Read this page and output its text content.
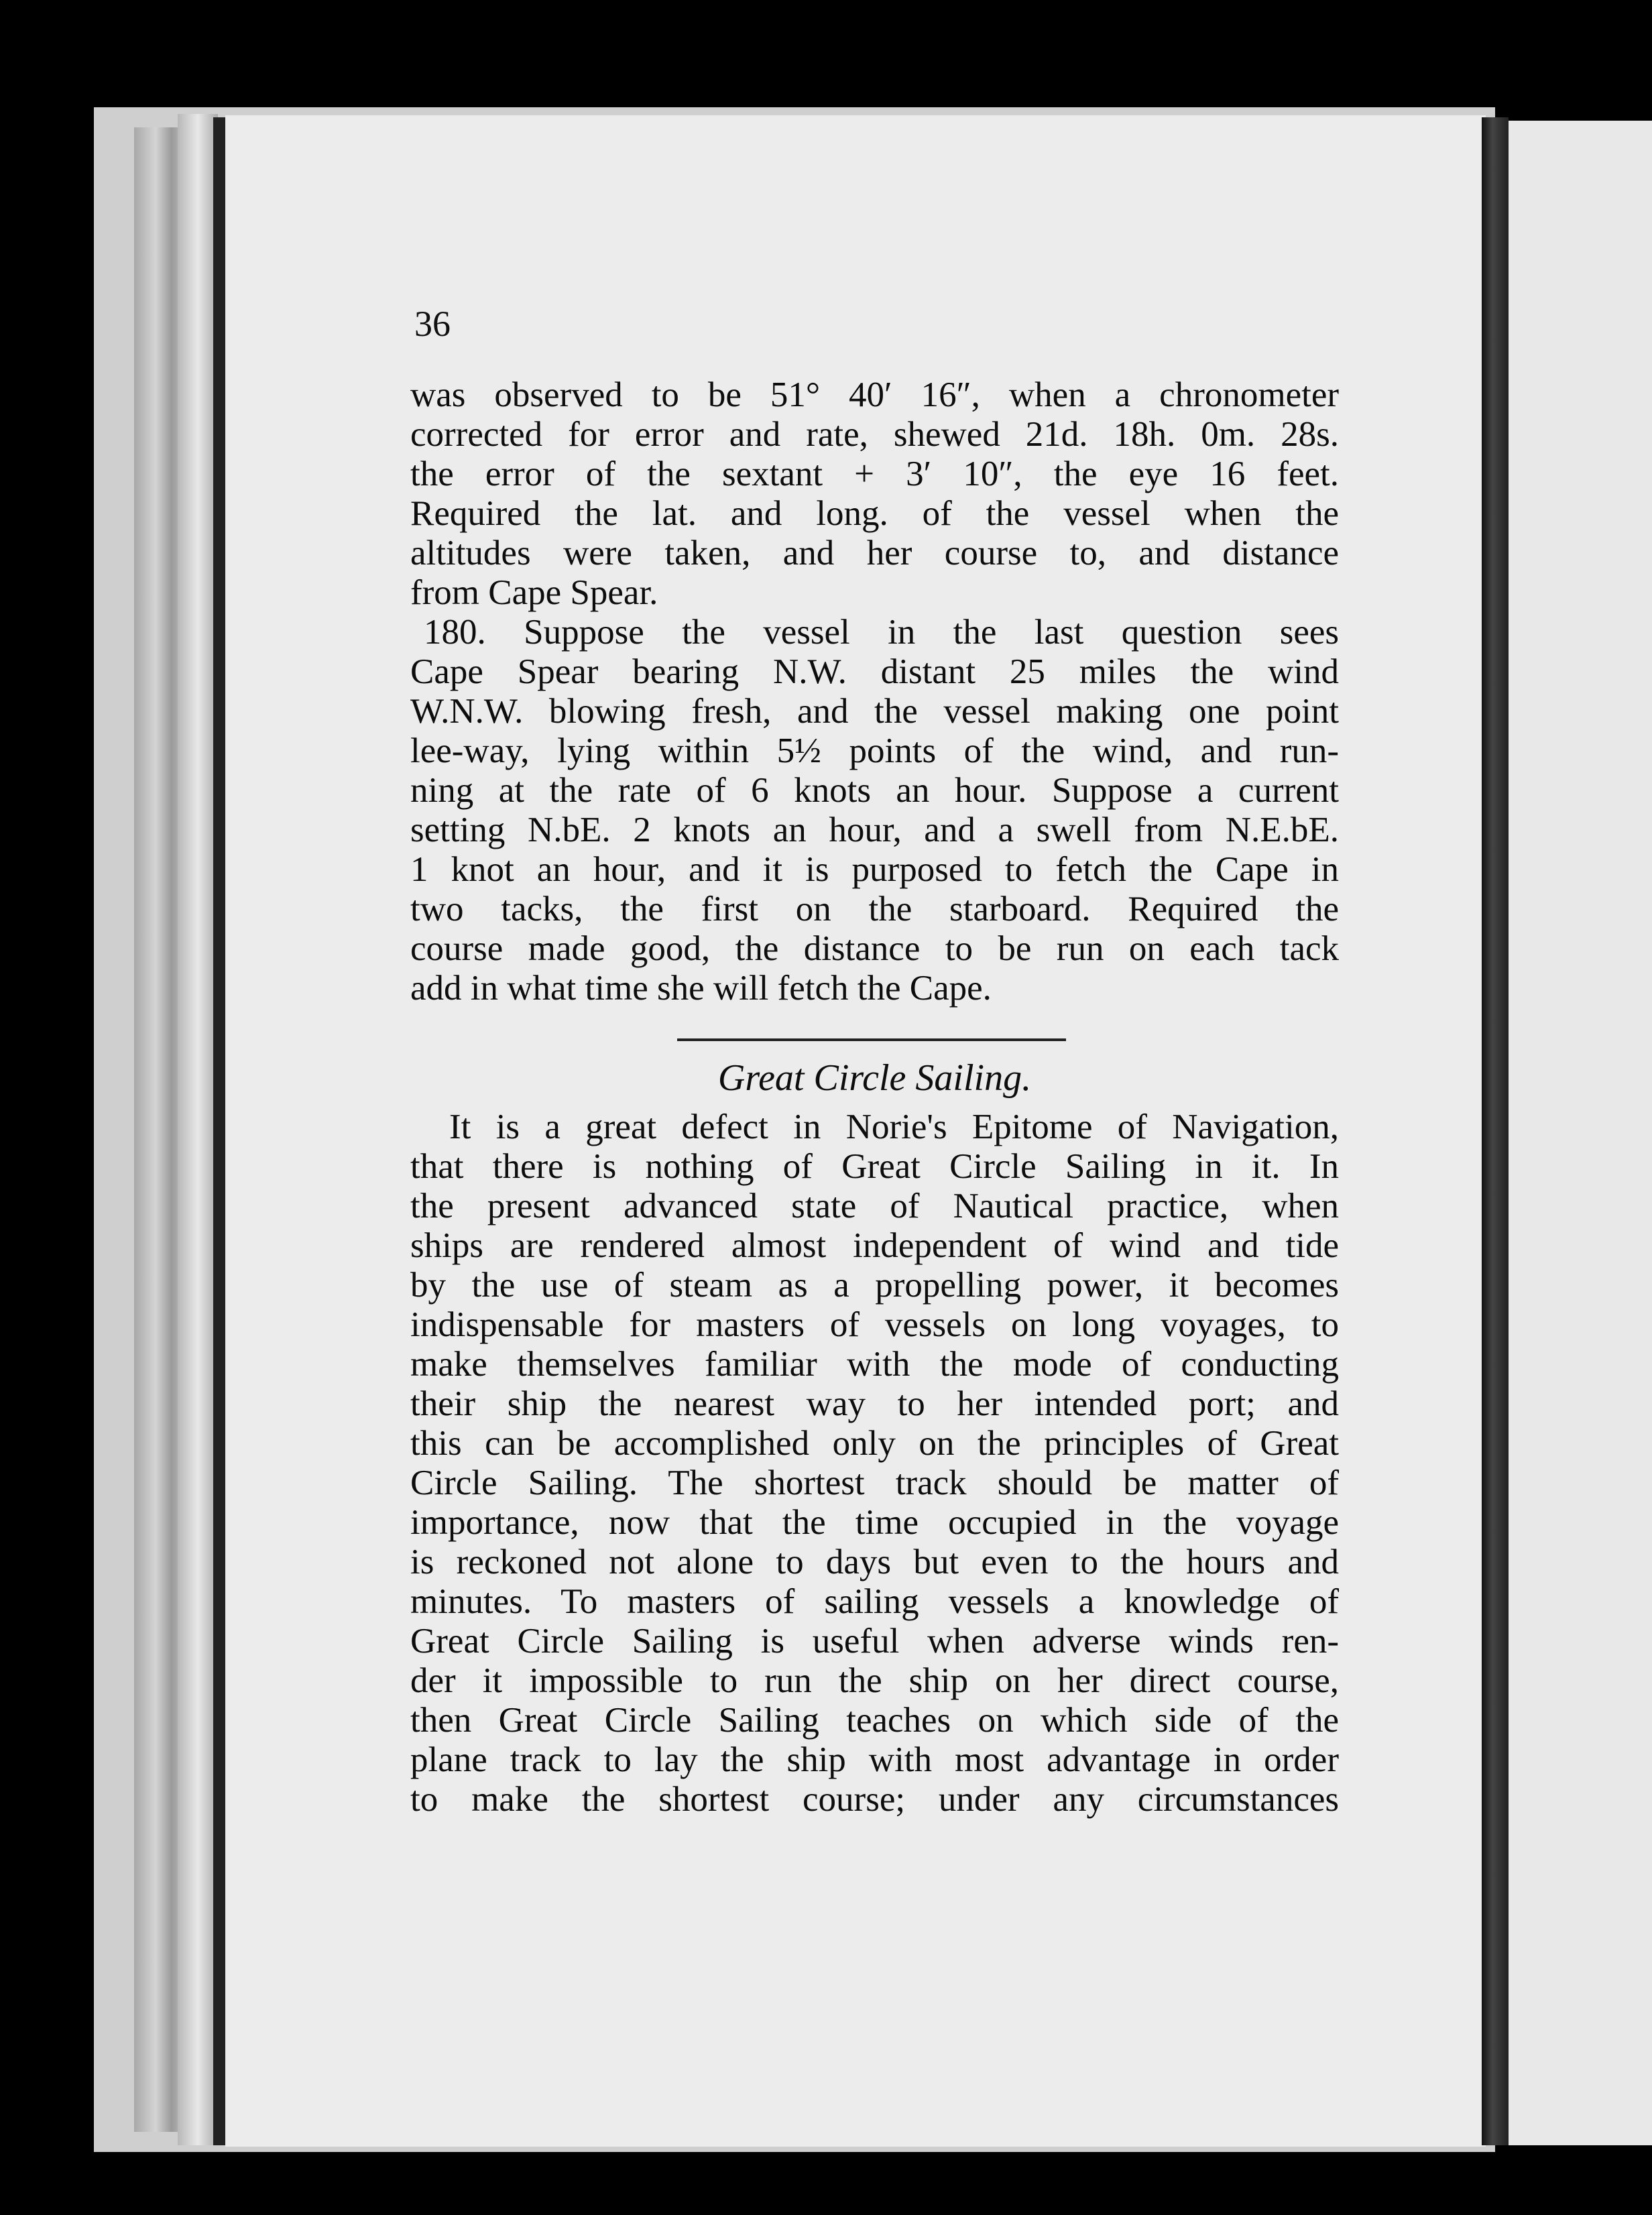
36
was observed to be 51° 40′ 16″, when a chronometer
corrected for error and rate, shewed 21d. 18h. 0m. 28s.
the error of the sextant + 3′ 10″, the eye 16 feet.
Required the lat. and long. of the vessel when the
altitudes were taken, and her course to, and distance
from Cape Spear.
180. Suppose the vessel in the last question sees
Cape Spear bearing N.W. distant 25 miles the wind
W.N.W. blowing fresh, and the vessel making one point
lee-way, lying within 5½ points of the wind, and run-
ning at the rate of 6 knots an hour. Suppose a current
setting N.bE. 2 knots an hour, and a swell from N.E.bE.
1 knot an hour, and it is purposed to fetch the Cape in
two tacks, the first on the starboard. Required the
course made good, the distance to be run on each tack
add in what time she will fetch the Cape.
Great Circle Sailing.
It is a great defect in Norie's Epitome of Navigation,
that there is nothing of Great Circle Sailing in it. In
the present advanced state of Nautical practice, when
ships are rendered almost independent of wind and tide
by the use of steam as a propelling power, it becomes
indispensable for masters of vessels on long voyages, to
make themselves familiar with the mode of conducting
their ship the nearest way to her intended port; and
this can be accomplished only on the principles of Great
Circle Sailing. The shortest track should be matter of
importance, now that the time occupied in the voyage
is reckoned not alone to days but even to the hours and
minutes. To masters of sailing vessels a knowledge of
Great Circle Sailing is useful when adverse winds ren-
der it impossible to run the ship on her direct course,
then Great Circle Sailing teaches on which side of the
plane track to lay the ship with most advantage in order
to make the shortest course; under any circumstances
